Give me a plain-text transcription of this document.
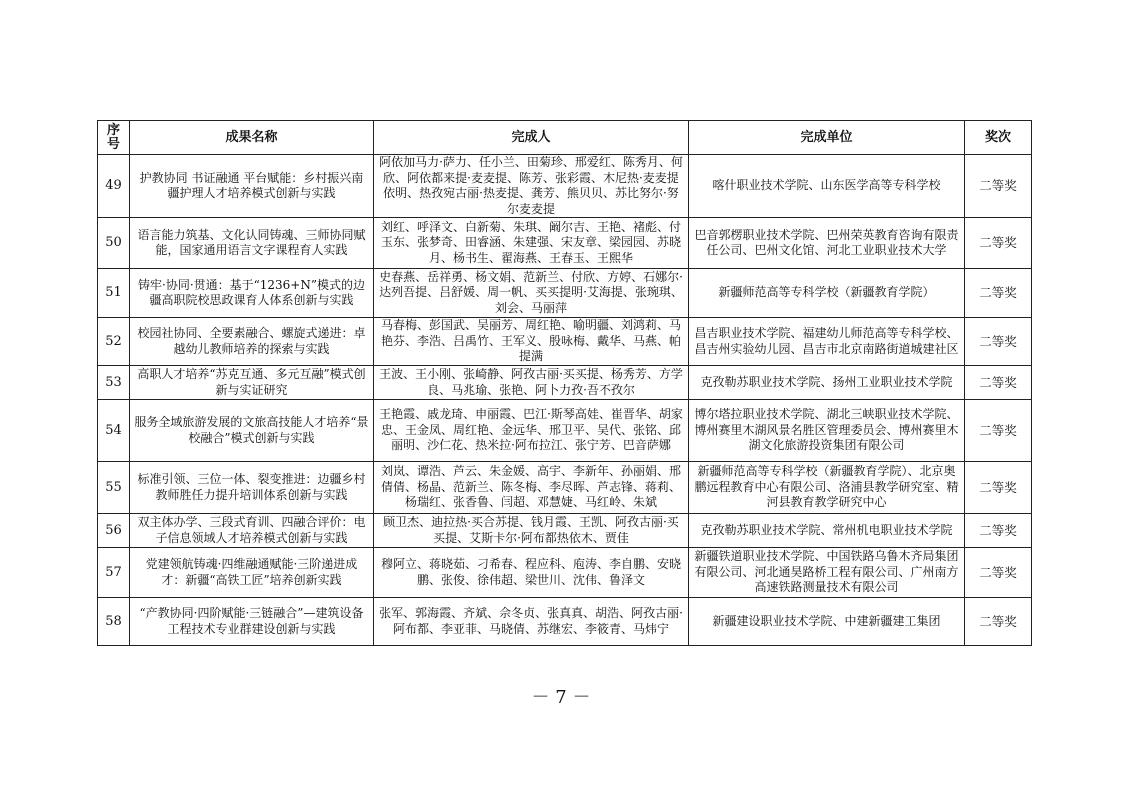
序号	成果名称	完成人	完成单位	奖次
49	护教协同 书证融通 平台赋能：乡村振兴南疆护理人才培养模式创新与实践	阿依加马力·萨力、任小兰、田菊珍、邢爱红、陈秀月、何欣、阿依都来提·麦麦提、陈芳、张彩霞、木尼热·麦麦提依明、热孜宛古丽·热麦提、龚芳、熊贝贝、苏比努尔·努尔麦麦提	喀什职业技术学院、山东医学高等专科学校	二等奖
50	语言能力筑基、文化认同铸魂、三师协同赋能，国家通用语言文字课程育人实践	刘红、呼泽文、白新菊、朱琪、阚尔吉、王艳、褚彪、付玉东、张梦奇、田睿涵、朱建强、宋友章、梁园园、苏晓月、杨书生、翟海燕、王春玉、王熙华	巴音郭楞职业技术学院、巴州荣英教育咨询有限责任公司、巴州文化馆、河北工业职业技术大学	二等奖
51	铸牢·协同·贯通：基于“1236+N”模式的边疆高职院校思政课育人体系创新与实践	史春燕、岳祥勇、杨文娟、范新兰、付欣、方婷、石娜尔·达列吾提、吕舒媛、周一帆、买买提明·艾海提、张琬琪、刘会、马丽萍	新疆师范高等专科学校（新疆教育学院）	二等奖
52	校园社协同、全要素融合、螺旋式递进：卓越幼儿教师培养的探索与实践	马春梅、彭国武、吴丽芳、周红艳、喻明疆、刘鸿莉、马艳芬、李浩、吕禹竹、王军义、殷咏梅、戴华、马燕、帕提满	昌吉职业技术学院、福建幼儿师范高等专科学校、昌吉州实验幼儿园、昌吉市北京南路街道城建社区	二等奖
53	高职人才培养“苏克互通、多元互融”模式创新与实证研究	王波、王小刚、张崎静、阿孜古丽·买买提、杨秀芳、方学良、马兆瑜、张艳、阿卜力孜·吾不孜尔	克孜勒苏职业技术学院、扬州工业职业技术学院	二等奖
54	服务全域旅游发展的文旅高技能人才培养“景校融合”模式创新与实践	王艳霞、戚龙琦、申丽霞、巴江·斯琴高娃、崔晋华、胡家忠、王金凤、周红艳、金远华、邢卫平、吴代、张铭、邱丽明、沙仁花、热米拉·阿布拉江、张宁芳、巴音萨娜	博尔塔拉职业技术学院、湖北三峡职业技术学院、博州赛里木湖风景名胜区管理委员会、博州赛里木湖文化旅游投资集团有限公司	二等奖
55	标准引领、三位一体、裂变推进：边疆乡村教师胜任力提升培训体系创新与实践	刘岚、谭浩、芦云、朱金媛、高宇、李新年、孙丽娟、邢倩倩、杨晶、范新兰、陈冬梅、李尽晖、芦志锋、蒋莉、杨瑞红、张香鲁、闫超、邓慧婕、马红岭、朱斌	新疆师范高等专科学校（新疆教育学院）、北京奥鹏远程教育中心有限公司、洛浦县教学研究室、精河县教育教学研究中心	二等奖
56	双主体办学、三段式育训、四融合评价：电子信息领域人才培养模式创新与实践	顾卫杰、迪拉热·买合苏提、钱月霞、王凯、阿孜古丽·买买提、艾斯卡尔·阿布都热依木、贾佳	克孜勒苏职业技术学院、常州机电职业技术学院	二等奖
57	党建领航铸魂·四维融通赋能·三阶递进成才：新疆“高铁工匠”培养创新实践	穆阿立、蒋晓茹、刁希春、程应科、庖涛、李自鹏、安晓鹏、张俊、徐伟超、梁世川、沈伟、鲁泽文	新疆铁道职业技术学院、中国铁路乌鲁木齐局集团有限公司、河北通昊路桥工程有限公司、广州南方高速铁路测量技术有限公司	二等奖
58	“产教协同·四阶赋能·三链融合”—建筑设备工程技术专业群建设创新与实践	张军、郭海霞、齐斌、佘冬贞、张真真、胡浩、阿孜古丽·阿布都、李亚菲、马晓倩、苏继宏、李筱青、马炜宁	新疆建设职业技术学院、中建新疆建工集团	二等奖
－ 7 －
